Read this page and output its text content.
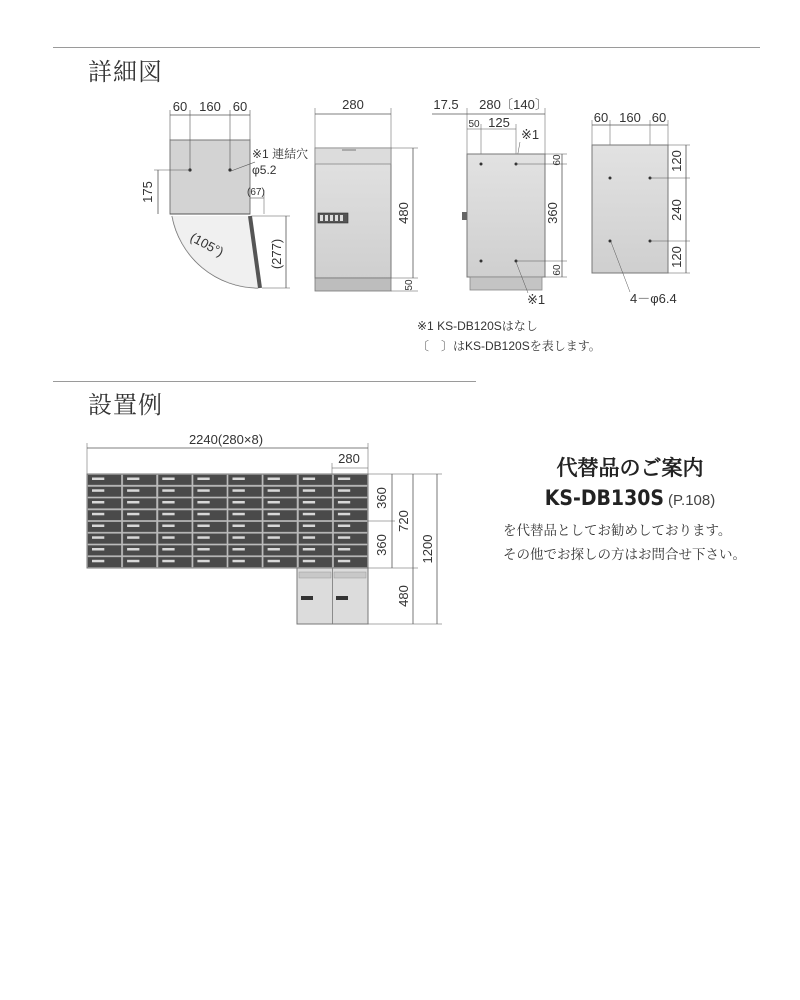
詳細図
設置例
60 160 60
※1 連結穴
φ5.2
175
(105°)
(67)
(277)
280
480
50
17.5 280 〔140〕
50 125
※1
60
360
60
※1
60 160 60
120
240
120
4－φ6.4
※1 KS-DB120Sはなし
〔　〕はKS-DB120Sを表します。
2240(280×8)
280
360
360
720
480
1200
代替品のご案内
KS-DB130S (P.108)
を代替品としてお勧めしております。
その他でお探しの方はお問合せ下さい。
